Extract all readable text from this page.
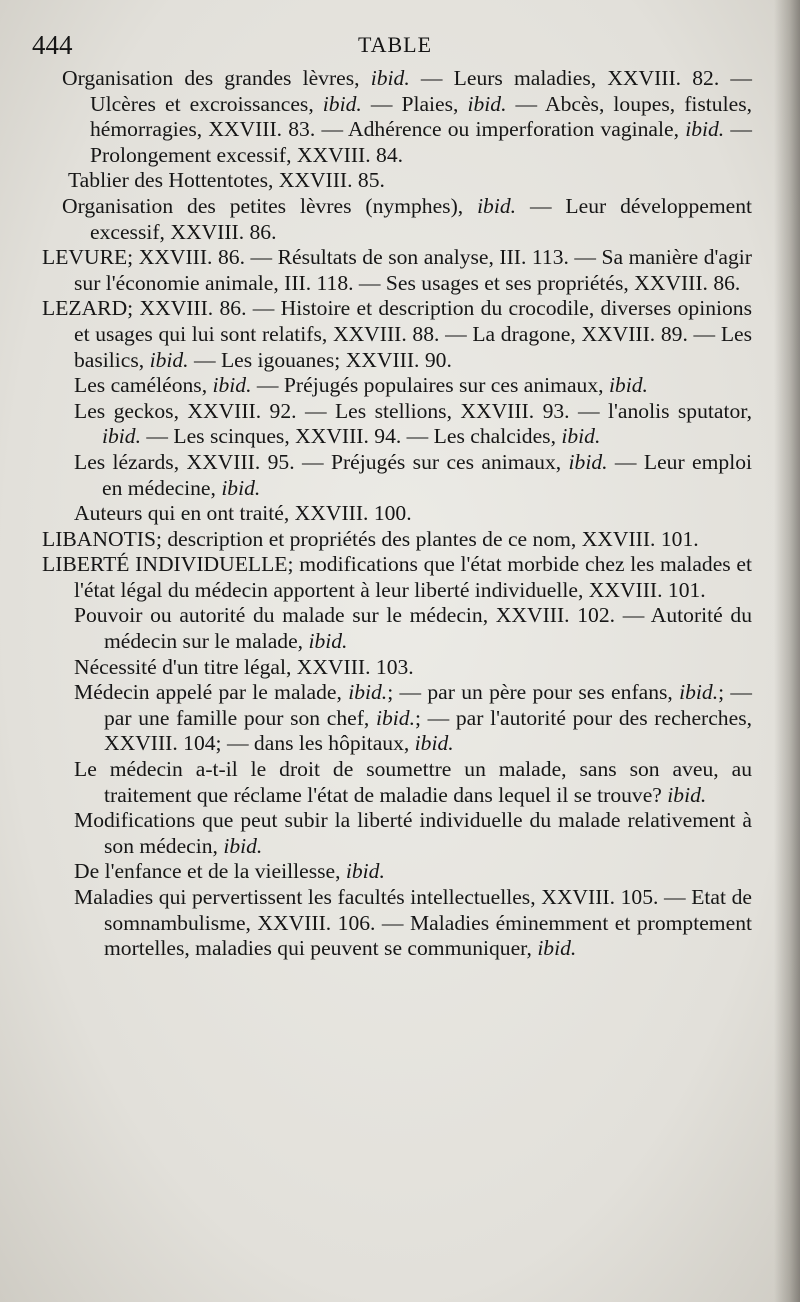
444	TABLE

Organisation des grandes lèvres, ibid. — Leurs maladies, XXVIII. 82. — Ulcères et excroissances, ibid. — Plaies, ibid. — Abcès, loupes, fistules, hémorragies, XXVIII. 83. — Adhérence ou imperforation vaginale, ibid. — Prolongement excessif, XXVIII. 84.

Tablier des Hottentotes, XXVIII. 85.

Organisation des petites lèvres (nymphes), ibid. — Leur développement excessif, XXVIII. 86.

LEVURE; XXVIII. 86. — Résultats de son analyse, III. 113. — Sa manière d'agir sur l'économie animale, III. 118. — Ses usages et ses propriétés, XXVIII. 86.

LEZARD; XXVIII. 86. — Histoire et description du crocodile, diverses opinions et usages qui lui sont relatifs, XXVIII. 88. — La dragone, XXVIII. 89. — Les basilics, ibid. — Les igouanes; XXVIII. 90.

Les caméléons, ibid. — Préjugés populaires sur ces animaux, ibid.

Les geckos, XXVIII. 92. — Les stellions, XXVIII. 93. — l'anolis sputator, ibid. — Les scinques, XXVIII. 94. — Les chalcides, ibid.

Les lézards, XXVIII. 95. — Préjugés sur ces animaux, ibid. — Leur emploi en médecine, ibid.

Auteurs qui en ont traité, XXVIII. 100.

LIBANOTIS; description et propriétés des plantes de ce nom, XXVIII. 101.

LIBERTÉ INDIVIDUELLE; modifications que l'état morbide chez les malades et l'état légal du médecin apportent à leur liberté individuelle, XXVIII. 101.

Pouvoir ou autorité du malade sur le médecin, XXVIII. 102. — Autorité du médecin sur le malade, ibid.

Nécessité d'un titre légal, XXVIII. 103.

Médecin appelé par le malade, ibid.; — par un père pour ses enfans, ibid.; — par une famille pour son chef, ibid.; — par l'autorité pour des recherches, XXVIII. 104; — dans les hôpitaux, ibid.

Le médecin a-t-il le droit de soumettre un malade, sans son aveu, au traitement que réclame l'état de maladie dans lequel il se trouve? ibid.

Modifications que peut subir la liberté individuelle du malade relativement à son médecin, ibid.

De l'enfance et de la vieillesse, ibid.

Maladies qui pervertissent les facultés intellectuelles, XXVIII. 105. — Etat de somnambulisme, XXVIII. 106. — Maladies éminemment et promptement mortelles, maladies qui peuvent se communiquer, ibid.
